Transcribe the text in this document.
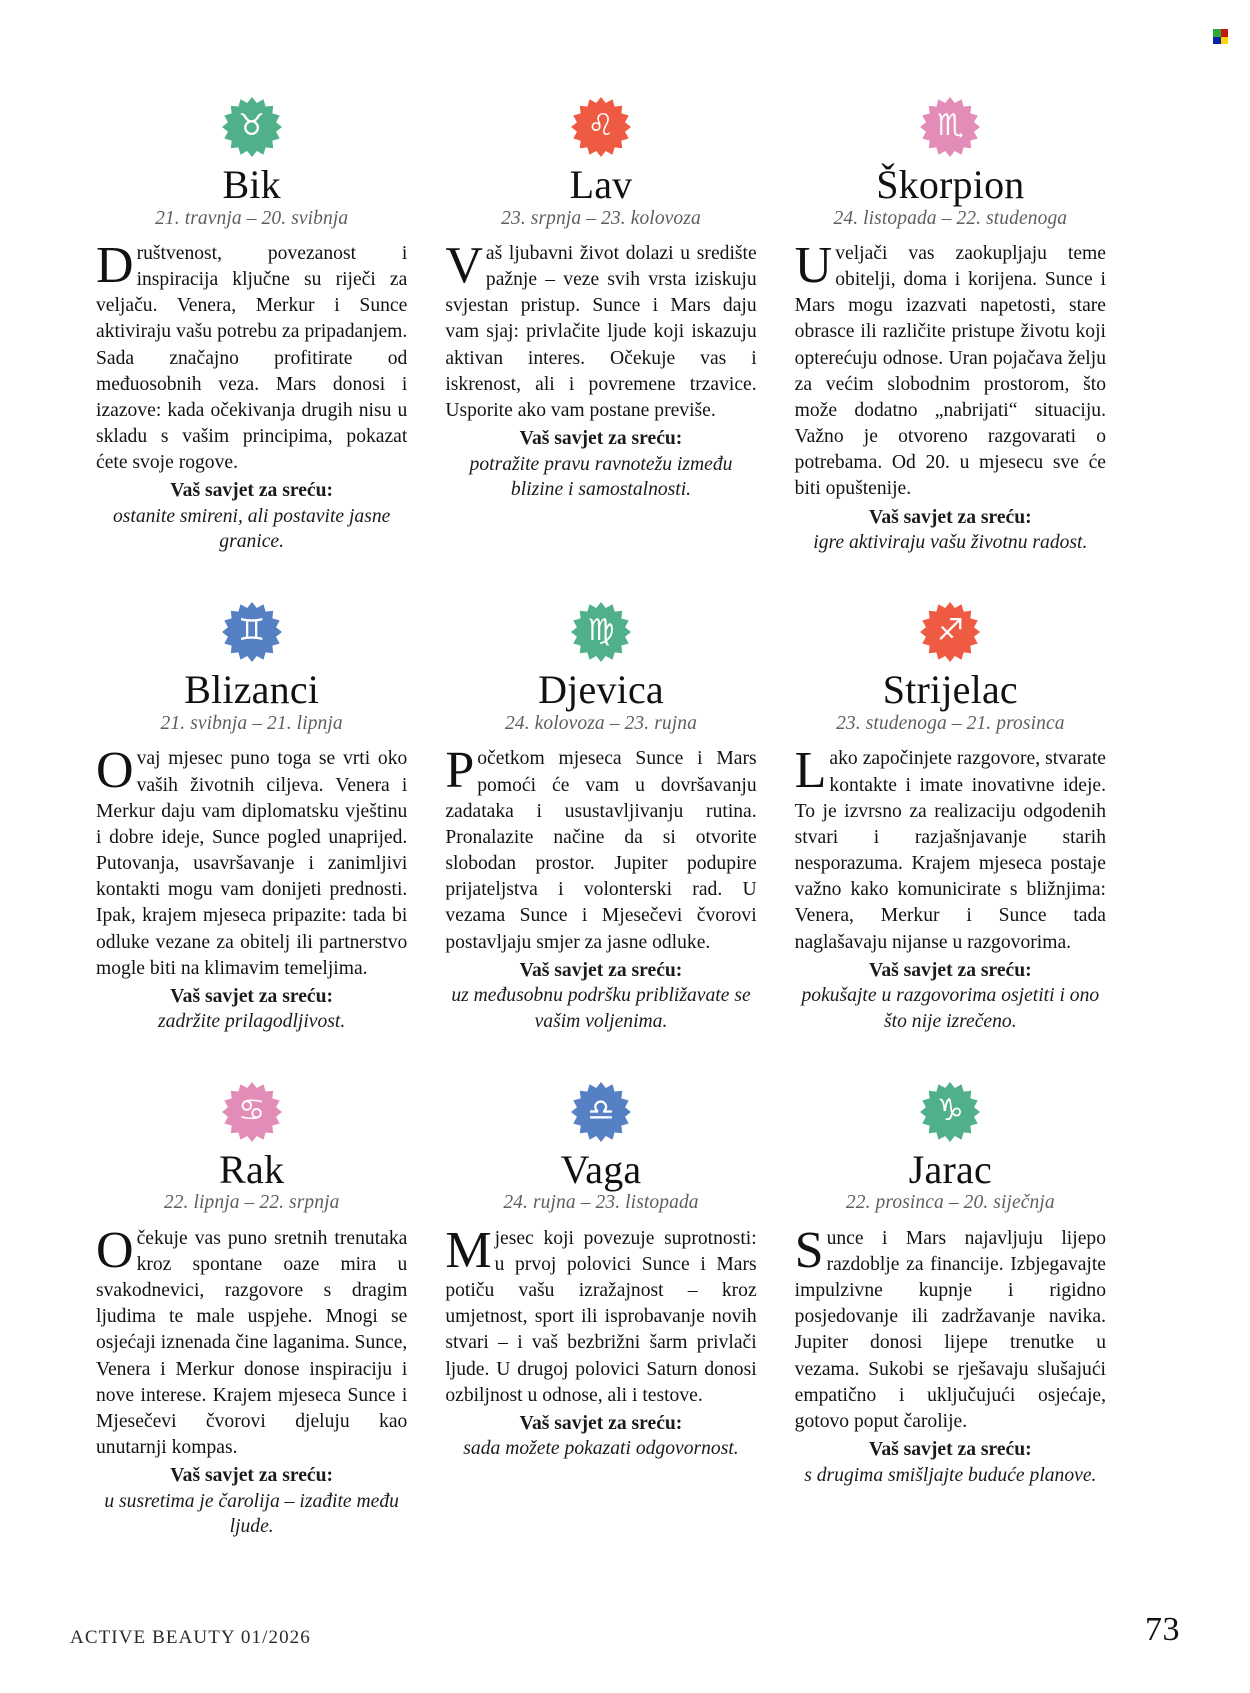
♉
Bik

21. travnja – 20. svibnja

Društvenost, povezanost i inspiracija ključne su riječi za veljaču. Venera, Merkur i Sunce aktiviraju vašu potrebu za pripadanjem. Sada značajno profitirate od međuosobnih veza. Mars donosi i izazove: kada očekivanja drugih nisu u skladu s vašim principima, pokazat ćete svoje rogove.

Vaš savjet za sreću:

ostanite smireni, ali postavite jasne granice.

♌
Lav

23. srpnja – 23. kolovoza

Vaš ljubavni život dolazi u središte pažnje – veze svih vrsta iziskuju svjestan pristup. Sunce i Mars daju vam sjaj: privlačite ljude koji iskazuju aktivan interes. Očekuje vas i iskrenost, ali i povremene trzavice. Usporite ako vam postane previše.

Vaš savjet za sreću:

potražite pravu ravnotežu između blizine i samostalnosti.

♏
Škorpion

24. listopada – 22. studenoga

Uveljači vas zaokupljaju teme obitelji, doma i korijena. Sunce i Mars mogu izazvati napetosti, stare obrasce ili različite pristupe životu koji opterećuju odnose. Uran pojačava želju za većim slobodnim prostorom, što može dodatno „nabrijati“ situaciju. Važno je otvoreno razgovarati o potrebama. Od 20. u mjesecu sve će biti opuštenije.

Vaš savjet za sreću:

igre aktiviraju vašu životnu radost.

♊
Blizanci

21. svibnja – 21. lipnja

Ovaj mjesec puno toga se vrti oko vaših životnih ciljeva. Venera i Merkur daju vam diplomatsku vještinu i dobre ideje, Sunce pogled unaprijed. Putovanja, usavršavanje i zanimljivi kontakti mogu vam donijeti prednosti. Ipak, krajem mjeseca pripazite: tada bi odluke vezane za obitelj ili partnerstvo mogle biti na klimavim temeljima.

Vaš savjet za sreću:

zadržite prilagodljivost.

♍
Djevica

24. kolovoza – 23. rujna

Početkom mjeseca Sunce i Mars pomoći će vam u dovršavanju zadataka i usustavljivanju rutina. Pronalazite načine da si otvorite slobodan prostor. Jupiter podupire prijateljstva i volonterski rad. U vezama Sunce i Mjesečevi čvorovi postavljaju smjer za jasne odluke.

Vaš savjet za sreću:

uz međusobnu podršku približavate se vašim voljenima.

♐
Strijelac

23. studenoga – 21. prosinca

Lako započinjete razgovore, stvarate kontakte i imate inovativne ideje. To je izvrsno za realizaciju odgodenih stvari i razjašnjavanje starih nesporazuma. Krajem mjeseca postaje važno kako komunicirate s bližnjima: Venera, Merkur i Sunce tada naglašavaju nijanse u razgovorima.

Vaš savjet za sreću:

pokušajte u razgovorima osjetiti i ono što nije izrečeno.

♋
Rak

22. lipnja – 22. srpnja

Očekuje vas puno sretnih trenutaka kroz spontane oaze mira u svakodnevici, razgovore s dragim ljudima te male uspjehe. Mnogi se osjećaji iznenada čine laganima. Sunce, Venera i Merkur donose inspiraciju i nove interese. Krajem mjeseca Sunce i Mjesečevi čvorovi djeluju kao unutarnji kompas.

Vaš savjet za sreću:

u susretima je čarolija – izađite među ljude.

♎
Vaga

24. rujna – 23. listopada

Mjesec koji povezuje suprotnosti: u prvoj polovici Sunce i Mars potiču vašu izražajnost – kroz umjetnost, sport ili isprobavanje novih stvari – i vaš bezbrižni šarm privlači ljude. U drugoj polovici Saturn donosi ozbiljnost u odnose, ali i testove.

Vaš savjet za sreću:

sada možete pokazati odgovornost.

♑
Jarac

22. prosinca – 20. siječnja

Sunce i Mars najavljuju lijepo razdoblje za financije. Izbjegavajte impulzivne kupnje i rigidno posjedovanje ili zadržavanje navika. Jupiter donosi lijepe trenutke u vezama. Sukobi se rješavaju slušajući empatično i uključujući osjećaje, gotovo poput čarolije.

Vaš savjet za sreću:

s drugima smišljajte buduće planove.

ACTIVE BEAUTY 01/2026	73
